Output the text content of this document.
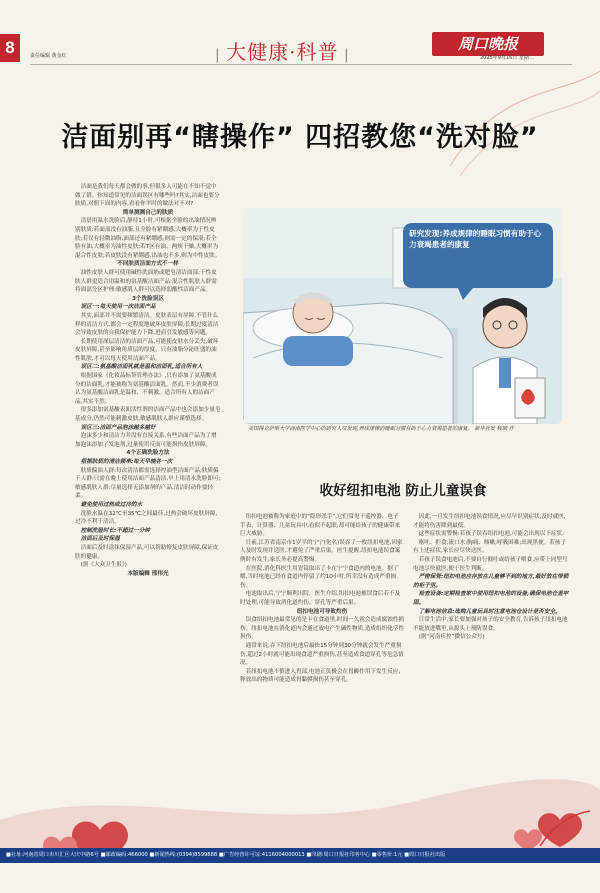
8	责任编辑 黄金红	| 大健康·科普 |
周口晚报
2025年9月16日 星期二
洁面别再“瞎操作” 四招教您“洗对脸”

洁面是我们每天都会做的事,但很多人可能在不知不觉中做了错。你知道常见的洁面误区有哪些吗?其实,洁面也要分肤质,对照下面的内容,看看你平时的做法对不对?

简单测测自己的肤质

清晨用温水洗脸后,静待1小时,可根据全脸的出油情况辨别肤质:若面部没有油脂,且全脸有紧绷感,大概率为干性皮肤;若仅有轻微油脂,面部还有紧绷感,则需一定的保湿;若全脸有油,大概率为油性皮肤;若T区有油、两颊干燥,大概率为混合性皮肤;若皮肤没有紧绷感,出油也不多,则为中性皮肤。

不同肤质洁面方式不一样

油性皮肤人群可使用碱性洗面奶或肥皂清洁面部;干性皮肤人群更适合用温和的氨基酸洁面产品;混合性肌肤人群需将面部分区护理;敏感肌人群可以选择弱酸性洁面产品。

3个洗脸误区

误区一:每天使用一次洁面产品

其实,面部并不需要频繁清洁。皮肤表层有屏障,不管什么样的清洁方式,都会一定程度地破坏皮肤屏障,长期过度清洁会导致皮肤的自我保护能力下降,进而引发敏感等问题。

长期使用深层清洁的洁面产品,可能使皮肤水分丢失,破坏皮肤屏障,甚至影响角质层的厚度。只有油脂分泌旺盛的油性肌肤,才可以每天使用洁面产品。

误区二:氨基酸洁面乳就是温和洁面乳,适合所有人

根据国家《化妆品标签管理办法》,只有添加了氨基酸成分的洁面乳,才能被称为氨基酸洁面乳。然而,不少消费者误认为氨基酸洁面乳是温和、不刺激、适合所有人的洁面产品,其实不然。

很多添加氨基酸表面活性剂的洁面产品中也会添加少量皂基成分,仍然可能刺激皮肤,敏感肌肤人群应谨慎选择。

误区三:洁面产品泡沫越多越好

泡沫多少和清洁力并没有直接关系,有些洁面产品为了增加泡沫添加了发泡剂,过量使用反而可能损伤皮肤屏障。

4个正确洗脸方法

根据肤质的清洁频率:每天早晚各一次

肤质偏油人群:每次清洁都需选择控油型洁面产品;肤质偏干人群:只需在晚上使用洁面产品清洁,早上用清水洗脸即可;敏感肌肤人群:尽量选择无添加剂的产品,清洁时动作要轻柔。

避免使用过热或过冷的水

洗脸水温在32℃至35℃之间最佳,过热会破坏皮肤屏障,过冷不利于清洁。

控制洗脸时长:不超过一分钟

洁面后及时保湿

洁面后及时涂抹保湿产品,可以帮助修复皮肤屏障,保证皮肤的健康。

(据《大众卫生报》)

本版编辑 邢伟光

研究发现:养成规律的睡眠习惯有助于心力衰竭患者的康复
美国得克萨斯大学西南医学中心的研究人员发现,养成规律的睡眠习惯有助于心力衰竭患者的康复。 新华社发 程硕 作
收好纽扣电池 防止儿童误食

纽扣电池被称为家庭中的“隐形杀手”,它们常见于遥控器、电子手表、计算器、儿童玩具中,看似不起眼,却可能给孩子的健康带来巨大威胁。

日前,江苏省南京市1岁半的宁宁(化名)误吞了一枚纽扣电池,因家人及时发现并送医,才避免了严重后果。医生提醒,纽扣电池误食案例时有发生,家长务必提高警惕。

在医院,消化科医生用胃镜取出了卡在宁宁食道内的电池。据了解,当时电池已经在食道内停留了约10小时,所幸没有造成严重损伤。

电池取出后,宁宁顺利出院。医生介绍,纽扣电池被误食后若不及时处理,可能导致消化道灼伤、穿孔等严重后果。

纽扣电池可导致灼伤

误食纽扣电池最常见的是卡在食道里,时间一久就会造成腐蚀性损伤。纽扣电池在消化道内会通过放电产生碱性物质,造成组织化学性损伤。

通常来说,吞下纽扣电池后最快15分钟到30分钟就会发生严重损伤,超过2小时就可能出现食道严重损伤,甚至造成食道穿孔等危急情况。

若纽扣电池不慎进入胃部,电池正负极会在胃酸作用下发生反应,释放出的物质可能造成胃黏膜损伤甚至穿孔。

因此,一旦发生纽扣电池误食情况,应尽早识别症状,及时就医,才能将伤害降到最低。

这些症状需警惕:若孩子误吞纽扣电池,可能会出现以下症状:

呕吐、拒食;流口水;胸痛、咳嗽;呼吸困难;出现黑便。若孩子有上述症状,家长应尽快送医。

若孩子误食电池后,不要自行催吐或给孩子喂食,应带上同型号电池尽快就医,便于医生判断。

严密保管:纽扣电池应存放在儿童够不到的地方,最好放在带锁的柜子里。

检查设备:定期检查家中使用纽扣电池的设备,确保电池仓盖牢固。

了解电池信息:选购儿童玩具时注意电池仓设计是否安全。

日常生活中,家长要加强对孩子的安全教育,告诉孩子纽扣电池不能放进嘴里,从源头上预防误食。

(据“河南疾控”微信公众号)

■社址:河南省周口市川汇区大庆中路6号 ■邮政编码:466000 ■新闻热线:(0394)8599888 ■广告经营许可证:4116004000013 ■印刷:周口日报社印务中心 ■零售价:1元 ■周口日报社出版
